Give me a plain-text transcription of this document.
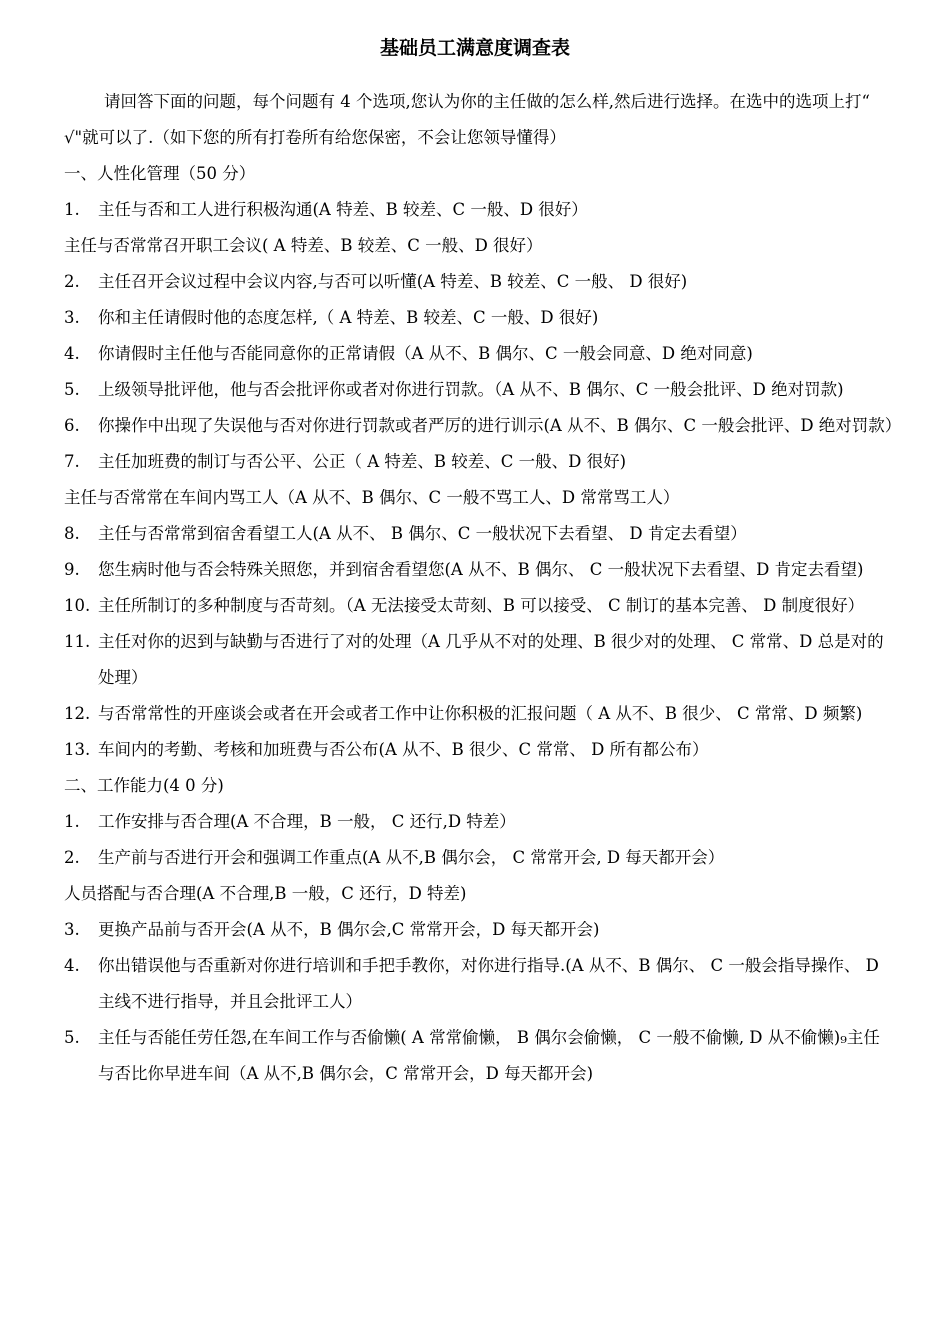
基础员工满意度调查表
请回答下面的问题，每个问题有 4 个选项,您认为你的主任做的怎么样,然后进行选择。在选中的选项上打“ √"就可以了.（如下您的所有打卷所有给您保密，不会让您领导懂得）
一、人性化管理（50 分）
1.	主任与否和工人进行积极沟通(A 特差、B 较差、C 一般、D 很好）
主任与否常常召开职工会议( A 特差、B 较差、C 一般、D 很好）
2.	主任召开会议过程中会议内容,与否可以听懂(A 特差、B 较差、C 一般、 D 很好)
3.	你和主任请假时他的态度怎样,（ A 特差、B 较差、C 一般、D 很好)
4.	你请假时主任他与否能同意你的正常请假（A 从不、B 偶尔、C 一般会同意、D 绝对同意)
5.	上级领导批评他，他与否会批评你或者对你进行罚款。（A 从不、B 偶尔、C 一般会批评、D 绝对罚款)
6.	你操作中出现了失误他与否对你进行罚款或者严厉的进行训示(A 从不、B 偶尔、C 一般会批评、D 绝对罚款）
7.	主任加班费的制订与否公平、公正（ A 特差、B 较差、C 一般、D 很好)
主任与否常常在车间内骂工人（A 从不、B 偶尔、C 一般不骂工人、D 常常骂工人）
8.	主任与否常常到宿舍看望工人(A 从不、 B 偶尔、C 一般状况下去看望、 D 肯定去看望）
9.	您生病时他与否会特殊关照您，并到宿舍看望您(A 从不、B 偶尔、 C 一般状况下去看望、D 肯定去看望)
10. 主任所制订的多种制度与否苛刻。（A 无法接受太苛刻、B 可以接受、 C 制订的基本完善、 D 制度很好）
11. 主任对你的迟到与缺勤与否进行了对的处理（A 几乎从不对的处理、B 很少对的处理、 C 常常、D 总是对的处理）
12. 与否常常性的开座谈会或者在开会或者工作中让你积极的汇报问题（ A 从不、B 很少、 C 常常、D 频繁)
13. 车间内的考勤、考核和加班费与否公布(A 从不、B 很少、C 常常、 D 所有都公布）
二、工作能力(4 0 分)
1.	工作安排与否合理(A 不合理，B 一般， C 还行,D 特差）
2.	生产前与否进行开会和强调工作重点(A 从不,B 偶尔会， C 常常开会, D 每天都开会）
人员搭配与否合理(A 不合理,B 一般，C 还行，D 特差)
3.	更换产品前与否开会(A 从不，B 偶尔会,C 常常开会，D 每天都开会)
4.	你出错误他与否重新对你进行培训和手把手教你，对你进行指导.(A 从不、B 偶尔、 C 一般会指导操作、 D 主线不进行指导，并且会批评工人）
5.	主任与否能任劳任怨,在车间工作与否偷懒( A 常常偷懒， B 偶尔会偷懒， C 一般不偷懒, D 从不偷懒)₉主任与否比你早进车间（A 从不,B 偶尔会，C 常常开会，D 每天都开会)
